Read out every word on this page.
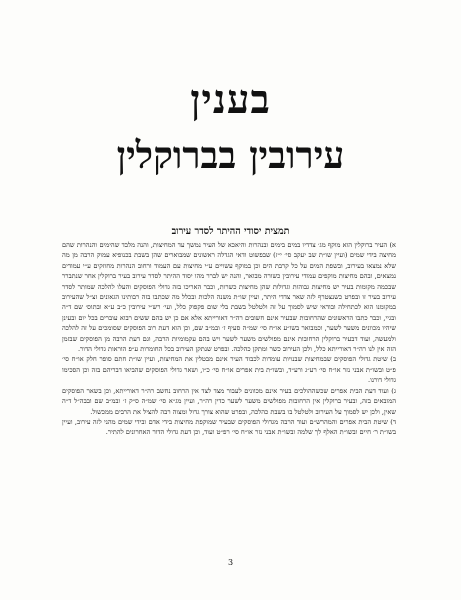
בענין
עירובין בברוקלין
תמצית יסודי ההיתר לסדר עירוב

א) העיר ברוקלין הוא מוקף מג׳ צדדיו במים בימים ובנהרות והיאכא של העיר נמשך עד המחיצות, והנה מלבד שהימים והנהרות שהם מחיצה בידי שמים (ועיין שו״ת שב יעקב סי׳ י״ז) שבפשוט ודאי הגדלה ראשונים שמבוארים שהן בשבת בכנופיא עמוק הרבה מן מה שלא נמצאו בעירוב, ובשפת המים על כל קרבת הים וכן במוקף עשויים ע״י מחיצות עם העמוד ורחוב הנהרות מחוזקים ע״י עמודים נמצאים, ובהם מחיצות מוקפים עמודי עירובין כשורה מבואר, והנה יש לברר מהו יסוד ההיתר לסדר עירוב בעיר ברוקלין אחר שנתברר שבכמה מקומות בעיר יש מחיצות גבוהות וגדולות שהן מחיצות כשרות, וכבר האריכו בזה גדולי הפוסקים והעלו להלכה שמותר לסדר עירוב בעיר זו ובפרט כשנצטרף לזה שאר צדדי היתר, ועיין שו״ת משנה הלכות ובכלל מה שכתבו בזה רבותינו הגאונים זצ״ל שהעירוב במקומנו הוא לכתחילה ובודאי שיש לסמוך על זה ולטלטל בשבת בלי שום פקפוק כלל, ועי׳ רש״י עירובין כ״ב ע״א ובתוס׳ שם ד״ה ובגיי, וכבר כתבו הראשונים שהרחובות שבעיר אינם חשובים רה״ר דאורייתא אלא אם כן יש בהם ששים רבוא עוברים בכל יום ובעינן שיהיו מכוונים משער לשער, וכמבואר בשו״ע או״ח סי׳ שמ״ה סעיף ז׳ ובמ״ב שם, וכן הוא דעת רוב הפוסקים שסומכים על זה להלכה ולמעשה, ועוד דבעיר ברוקלין הרחובות אינם מפולשים משער לשער ויש בהם עקמומיות הרבה, וגם דעת הרבה מן הפוסקים שבזמן הזה אין לנו רה״ר דאורייתא כלל, ולכן העירוב כשר ומתקן כהלכה. ובפרט שנתקן העירוב בכל החומרות ע״פ הוראות גדולי הדור.

ב) שיטת גדולי הפוסקים שבמחיצות שבנויות עומדות לכבוד העיר אינם מבטלין את המחיצות, ועיין שו״ת חתם סופר חלק או״ח סי׳ פ״ט ובשו״ת אבני נזר או״ח סי׳ רע״ג ורע״ד, ובשו״ת בית אפרים או״ח סי׳ כ״ו, ושאר גדולי הפוסקים שהביאו דבריהם בזה וכן הסכימו גדולי דורנו.

ג) ועוד דעת הבית אפרים שכשההולכים בעיר אינם מכוונים לעבור מצד לצד אין הרחוב נחשב רה״ר דאורייתא, וכן בשאר הפוסקים המובאים בזה, ובעיר ברוקלין אין הרחובות מפולשים משער לשער כדין רה״ר, ועיין מג״א סי׳ שמ״ה ס״ק ז׳ ובמ״ב שם ובבה״ל ד״ה שאין, ולכן יש לסמוך על העירוב ולטלטל בו בשבת כהלכה, ובפרט שהוא צורך גדול ומצוה רבה להציל את הרבים ממכשול.

ד) שיטת הבית אפרים והמהרש״ם ועוד הרבה מגדולי הפוסקים שבעיר שמוקפת מחיצות בידי אדם ובידי שמים מהני לזה עירוב, ועיין בשו״ת ר׳ חיים ובשו״ת האלף לך שלמה ובשו״ת אבני נזר או״ח סי׳ רפ״ט ועוד, וכן דעת גדולי הדור האחרונים להתיר.

3
